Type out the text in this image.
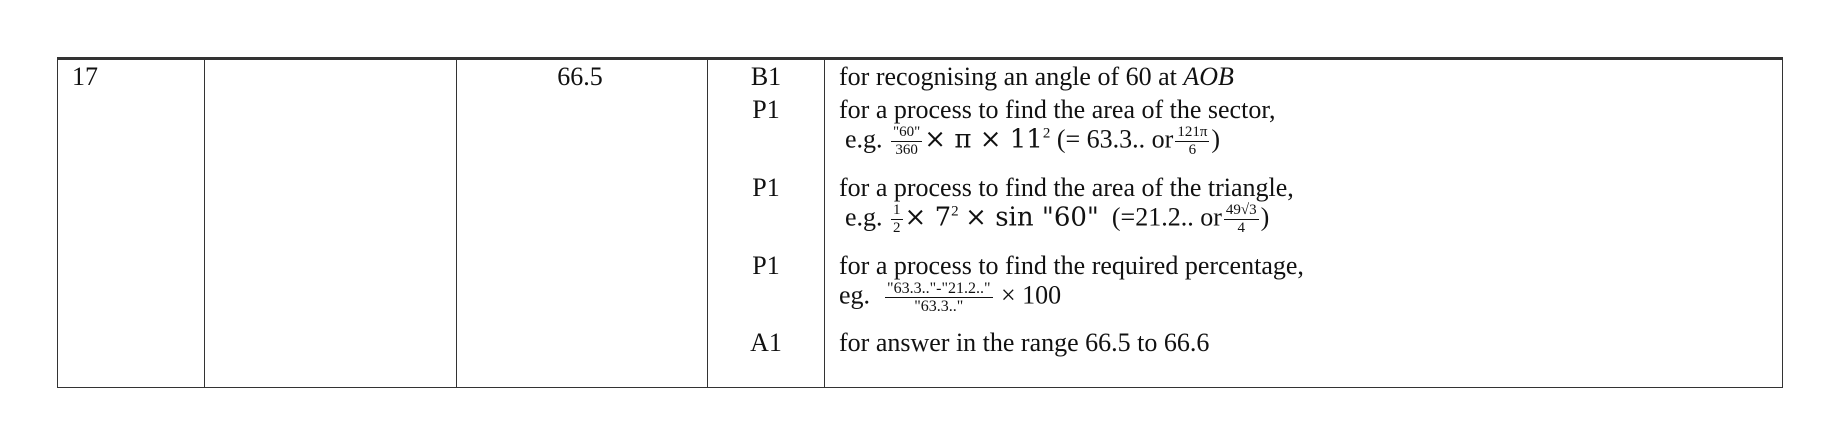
17	66.5	B1
P1
P1
P1
A1
for recognising an angle of 60 at AOB
for a process to find the area of the sector,
e.g. $\frac{"60"}{360} \times \pi \times 11^2$ (= 63.3.. or $\frac{121\pi}{6}$ )
for a process to find the area of the triangle,
e.g. $\frac{1}{2} \times 7^2 \times \sin$ "60" (=21.2.. or $\frac{49√3}{4}$ )
for a process to find the required percentage,
eg. $\frac{"63.3.."-"21.2.."}{"63.3.."} \times 100$
for answer in the range 66.5 to 66.6
